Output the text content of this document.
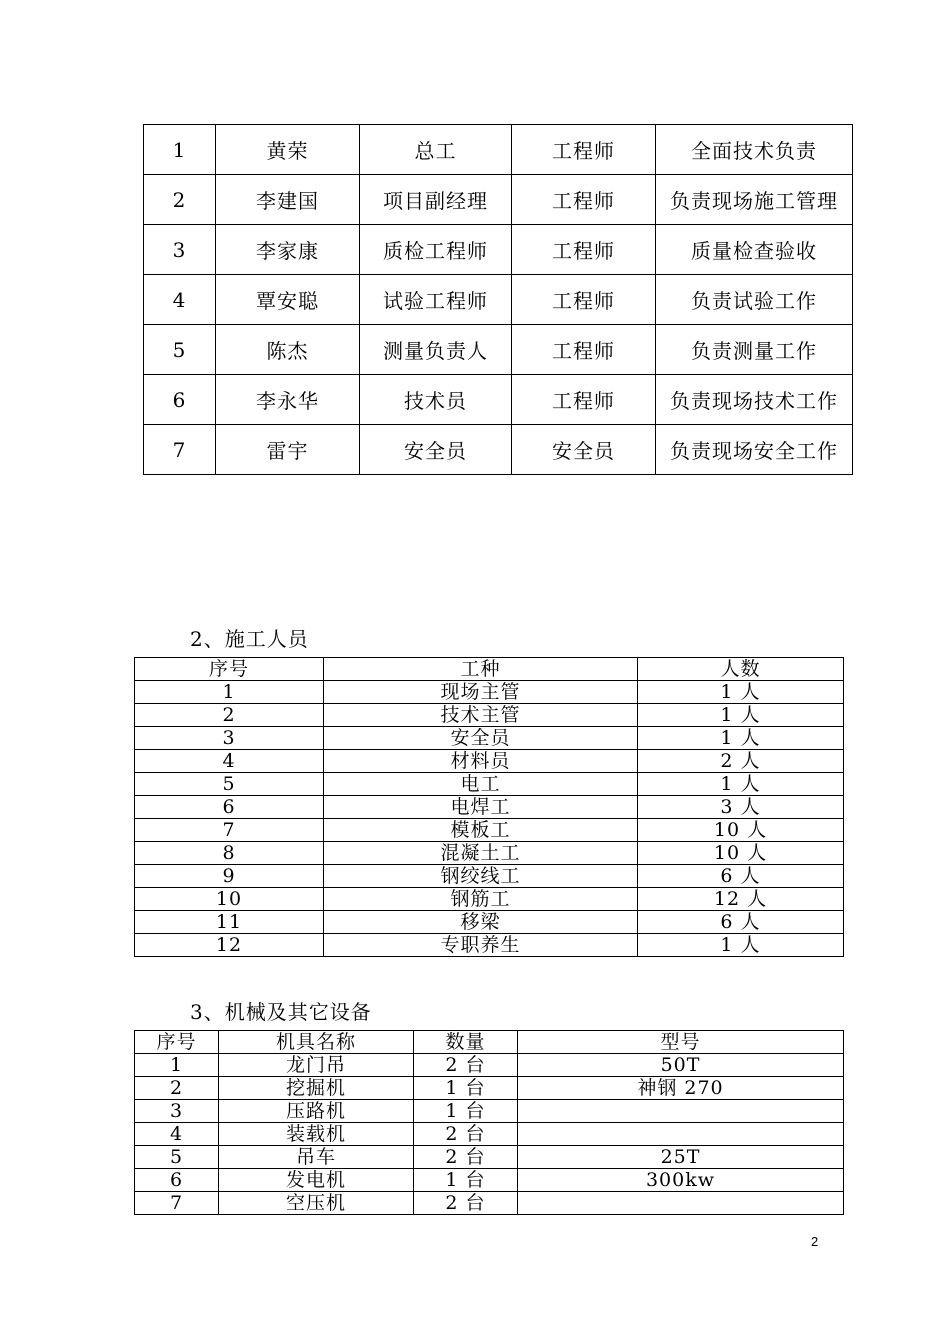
1	黄荣	总工	工程师	全面技术负责
2	李建国	项目副经理	工程师	负责现场施工管理
3	李家康	质检工程师	工程师	质量检查验收
4	覃安聪	试验工程师	工程师	负责试验工作
5	陈杰	测量负责人	工程师	负责测量工作
6	李永华	技术员	工程师	负责现场技术工作
7	雷宇	安全员	安全员	负责现场安全工作
2、施工人员
序号	工种	人数
1	现场主管	1 人
2	技术主管	1 人
3	安全员	1 人
4	材料员	2 人
5	电工	1 人
6	电焊工	3 人
7	模板工	10 人
8	混凝土工	10 人
9	钢绞线工	6 人
10	钢筋工	12 人
11	移梁	6 人
12	专职养生	1 人
3、机械及其它设备
序号	机具名称	数量	型号
1	龙门吊	2 台	50T
2	挖掘机	1 台	神钢 270
3	压路机	1 台	
4	装载机	2 台	
5	吊车	2 台	25T
6	发电机	1 台	300kw
7	空压机	2 台	
2
